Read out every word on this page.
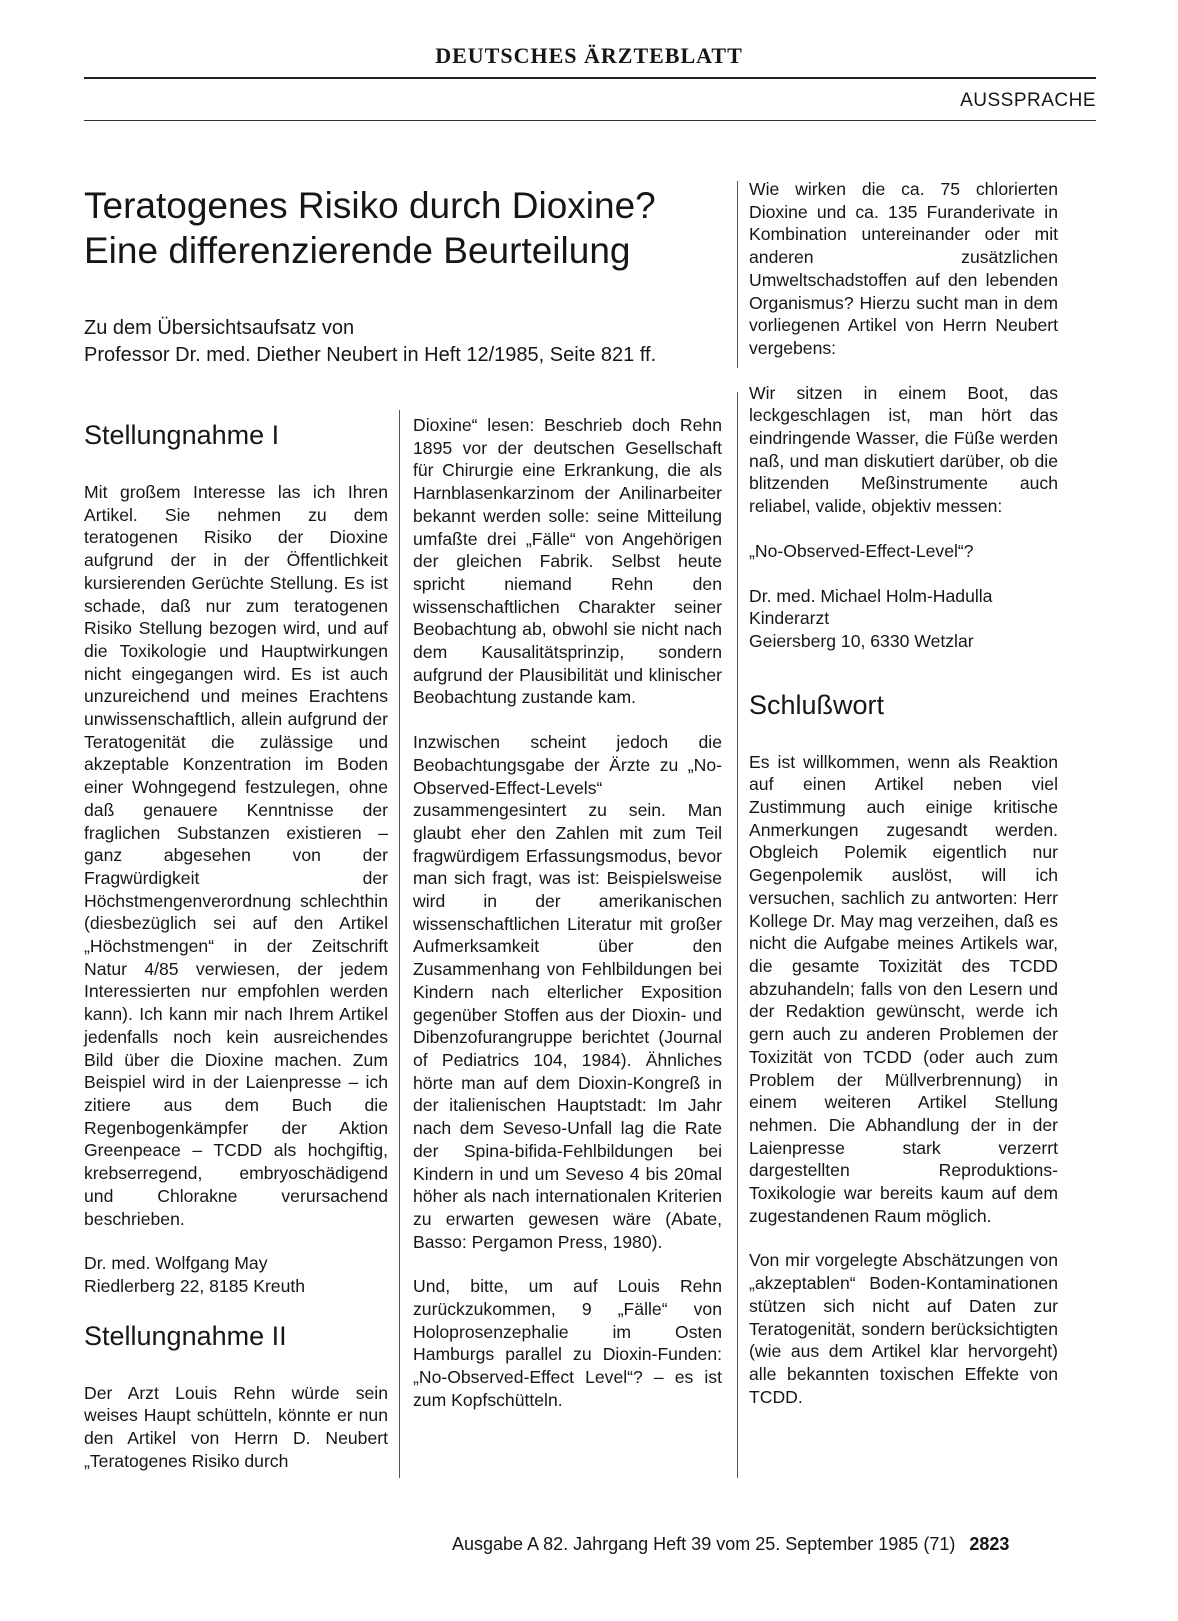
DEUTSCHES ÄRZTEBLATT
AUSSPRACHE
Teratogenes Risiko durch Dioxine?
Eine differenzierende Beurteilung
Zu dem Übersichtsaufsatz von
Professor Dr. med. Diether Neubert in Heft 12/1985, Seite 821 ff.
Stellungnahme I

Mit großem Interesse las ich Ihren Artikel. Sie nehmen zu dem teratogenen Risiko der Dioxine aufgrund der in der Öffentlichkeit kursierenden Gerüchte Stellung. Es ist schade, daß nur zum teratogenen Risiko Stellung bezogen wird, und auf die Toxikologie und Hauptwirkungen nicht eingegangen wird. Es ist auch unzureichend und meines Erachtens unwissenschaftlich, allein aufgrund der Teratogenität die zulässige und akzeptable Konzentration im Boden einer Wohngegend festzulegen, ohne daß genauere Kenntnisse der fraglichen Substanzen existieren – ganz abgesehen von der Fragwürdigkeit der Höchstmengenverordnung schlechthin (diesbezüglich sei auf den Artikel „Höchstmengen“ in der Zeitschrift Natur 4/85 verwiesen, der jedem Interessierten nur empfohlen werden kann). Ich kann mir nach Ihrem Artikel jedenfalls noch kein ausreichendes Bild über die Dioxine machen. Zum Beispiel wird in der Laienpresse – ich zitiere aus dem Buch die Regenbogenkämpfer der Aktion Greenpeace – TCDD als hochgiftig, krebserregend, embryoschädigend und Chlorakne verursachend beschrieben.

Dr. med. Wolfgang May
Riedlerberg 22, 8185 Kreuth

Stellungnahme II

Der Arzt Louis Rehn würde sein weises Haupt schütteln, könnte er nun den Artikel von Herrn D. Neubert „Teratogenes Risiko durch

Dioxine“ lesen: Beschrieb doch Rehn 1895 vor der deutschen Gesellschaft für Chirurgie eine Erkrankung, die als Harnblasenkarzinom der Anilinarbeiter bekannt werden solle: seine Mitteilung umfaßte drei „Fälle“ von Angehörigen der gleichen Fabrik. Selbst heute spricht niemand Rehn den wissenschaftlichen Charakter seiner Beobachtung ab, obwohl sie nicht nach dem Kausalitätsprinzip, sondern aufgrund der Plausibilität und klinischer Beobachtung zustande kam.

Inzwischen scheint jedoch die Beobachtungsgabe der Ärzte zu „No-Observed-Effect-Levels“ zusammengesintert zu sein. Man glaubt eher den Zahlen mit zum Teil fragwürdigem Erfassungsmodus, bevor man sich fragt, was ist: Beispielsweise wird in der amerikanischen wissenschaftlichen Literatur mit großer Aufmerksamkeit über den Zusammenhang von Fehlbildungen bei Kindern nach elterlicher Exposition gegenüber Stoffen aus der Dioxin- und Dibenzofurangruppe berichtet (Journal of Pediatrics 104, 1984). Ähnliches hörte man auf dem Dioxin-Kongreß in der italienischen Hauptstadt: Im Jahr nach dem Seveso-Unfall lag die Rate der Spina-bifida-Fehlbildungen bei Kindern in und um Seveso 4 bis 20mal höher als nach internationalen Kriterien zu erwarten gewesen wäre (Abate, Basso: Pergamon Press, 1980).

Und, bitte, um auf Louis Rehn zurückzukommen, 9 „Fälle“ von Holoprosenzephalie im Osten Hamburgs parallel zu Dioxin-Funden: „No-Observed-Effect Level“? – es ist zum Kopfschütteln.

Wie wirken die ca. 75 chlorierten Dioxine und ca. 135 Furanderivate in Kombination untereinander oder mit anderen zusätzlichen Umweltschadstoffen auf den lebenden Organismus? Hierzu sucht man in dem vorliegenen Artikel von Herrn Neubert vergebens:

Wir sitzen in einem Boot, das leckgeschlagen ist, man hört das eindringende Wasser, die Füße werden naß, und man diskutiert darüber, ob die blitzenden Meßinstrumente auch reliabel, valide, objektiv messen:

„No-Observed-Effect-Level“?

Dr. med. Michael Holm-Hadulla
Kinderarzt
Geiersberg 10, 6330 Wetzlar

Schlußwort

Es ist willkommen, wenn als Reaktion auf einen Artikel neben viel Zustimmung auch einige kritische Anmerkungen zugesandt werden. Obgleich Polemik eigentlich nur Gegenpolemik auslöst, will ich versuchen, sachlich zu antworten: Herr Kollege Dr. May mag verzeihen, daß es nicht die Aufgabe meines Artikels war, die gesamte Toxizität des TCDD abzuhandeln; falls von den Lesern und der Redaktion gewünscht, werde ich gern auch zu anderen Problemen der Toxizität von TCDD (oder auch zum Problem der Müllverbrennung) in einem weiteren Artikel Stellung nehmen. Die Abhandlung der in der Laienpresse stark verzerrt dargestellten Reproduktions-Toxikologie war bereits kaum auf dem zugestandenen Raum möglich.

Von mir vorgelegte Abschätzungen von „akzeptablen“ Boden-Kontaminationen stützen sich nicht auf Daten zur Teratogenität, sondern berücksichtigten (wie aus dem Artikel klar hervorgeht) alle bekannten toxischen Effekte von TCDD.

Ausgabe A 82. Jahrgang Heft 39 vom 25. September 1985 (71) 2823
